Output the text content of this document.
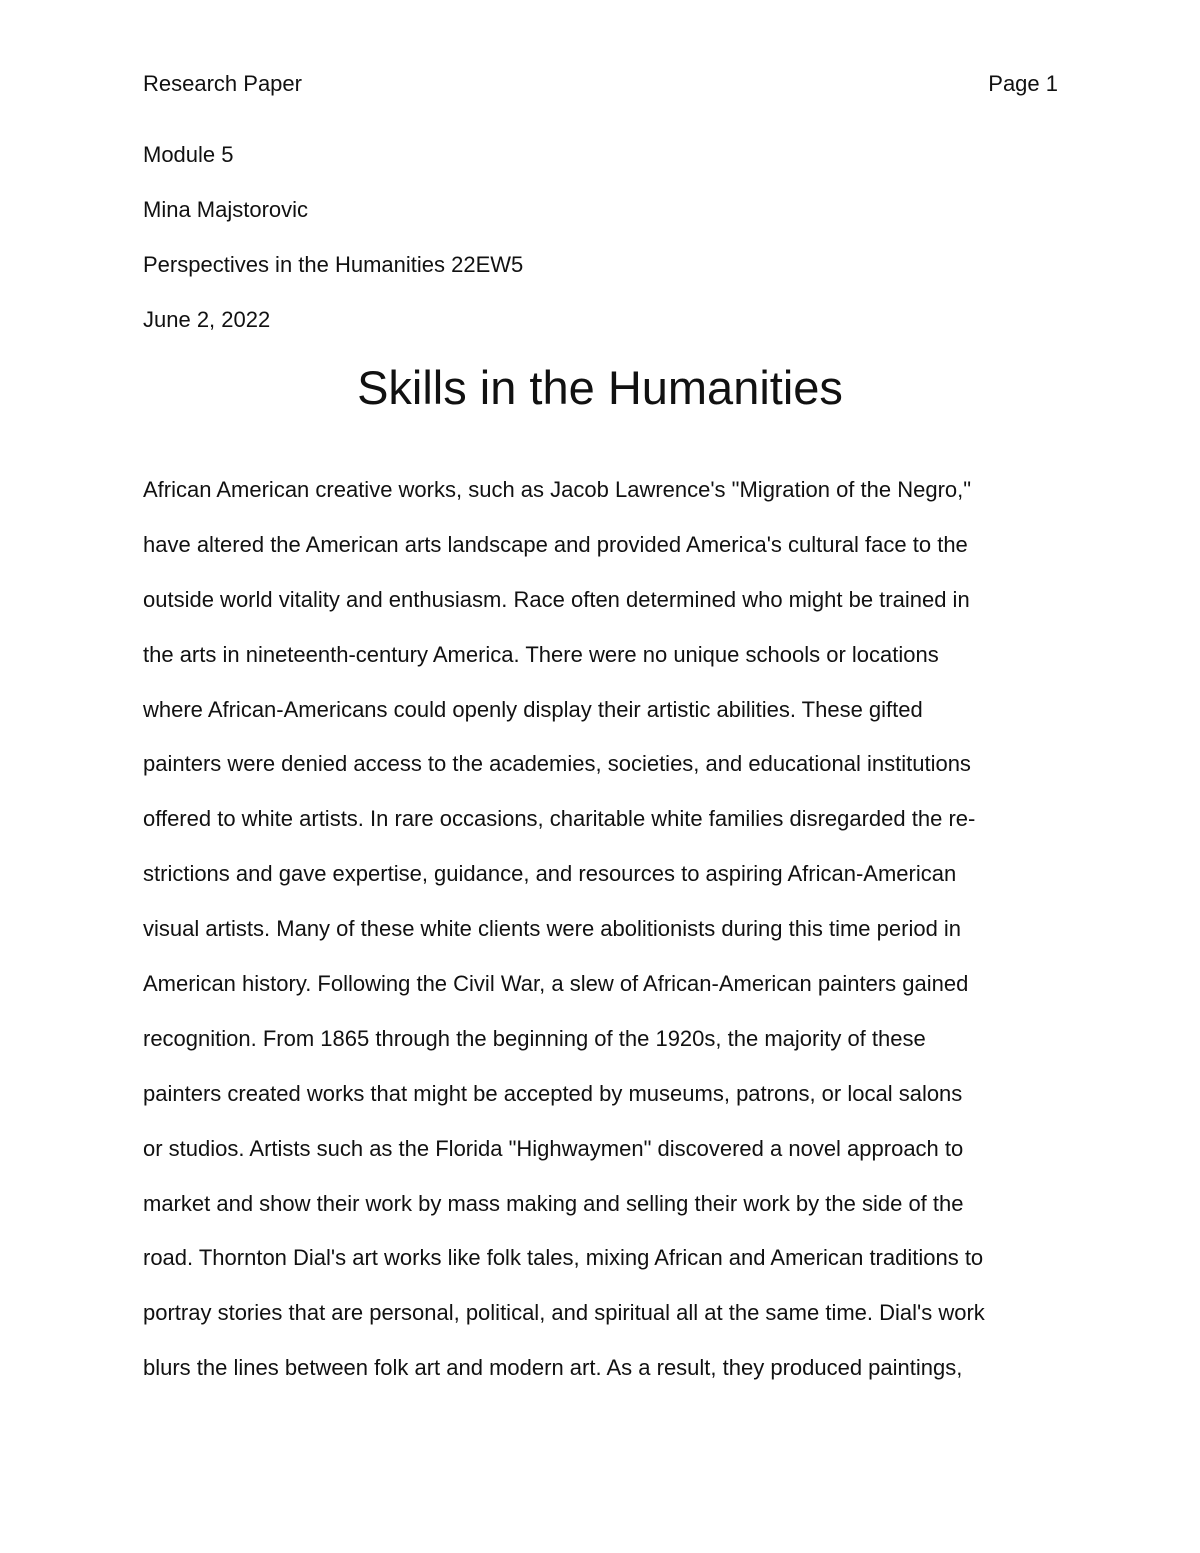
Research Paper	Page 1
Module 5
Mina Majstorovic
Perspectives in the Humanities 22EW5
June 2, 2022
Skills in the Humanities
African American creative works, such as Jacob Lawrence's "Migration of the Negro,"
have altered the American arts landscape and provided America's cultural face to the
outside world vitality and enthusiasm. Race often determined who might be trained in
the arts in nineteenth-century America. There were no unique schools or locations
where African-Americans could openly display their artistic abilities. These gifted
painters were denied access to the academies, societies, and educational institutions
offered to white artists. In rare occasions, charitable white families disregarded the re-
strictions and gave expertise, guidance, and resources to aspiring African-American
visual artists. Many of these white clients were abolitionists during this time period in
American history. Following the Civil War, a slew of African-American painters gained
recognition. From 1865 through the beginning of the 1920s, the majority of these
painters created works that might be accepted by museums, patrons, or local salons
or studios. Artists such as the Florida "Highwaymen" discovered a novel approach to
market and show their work by mass making and selling their work by the side of the
road. Thornton Dial's art works like folk tales, mixing African and American traditions to
portray stories that are personal, political, and spiritual all at the same time. Dial's work
blurs the lines between folk art and modern art. As a result, they produced paintings,
